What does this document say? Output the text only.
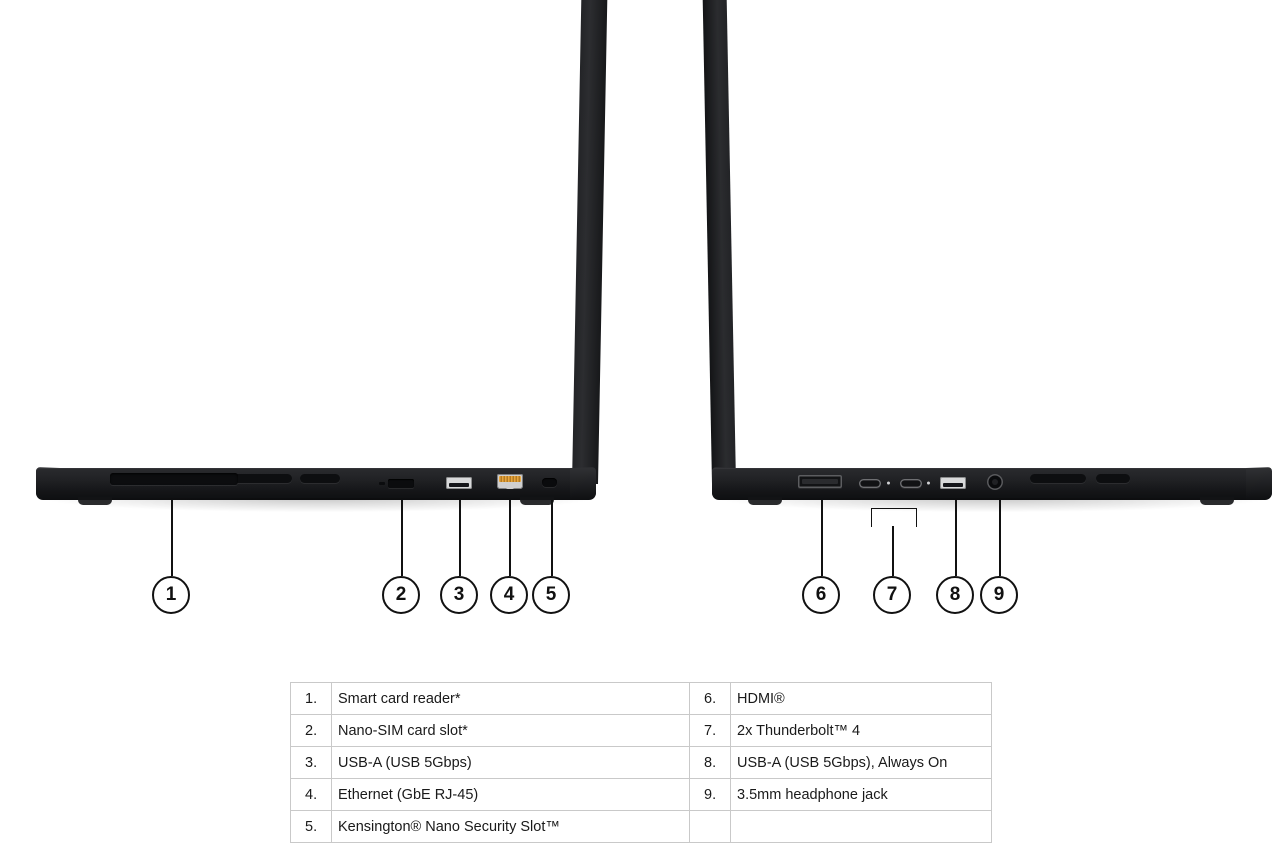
●	●
1	2	3	4	5	6	7	8	9
1.	Smart card reader*	6.	HDMI®
2.	Nano-SIM card slot*	7.	2x Thunderbolt™ 4
3.	USB-A (USB 5Gbps)	8.	USB-A (USB 5Gbps), Always On
4.	Ethernet (GbE RJ-45)	9.	3.5mm headphone jack
5.	Kensington® Nano Security Slot™		
